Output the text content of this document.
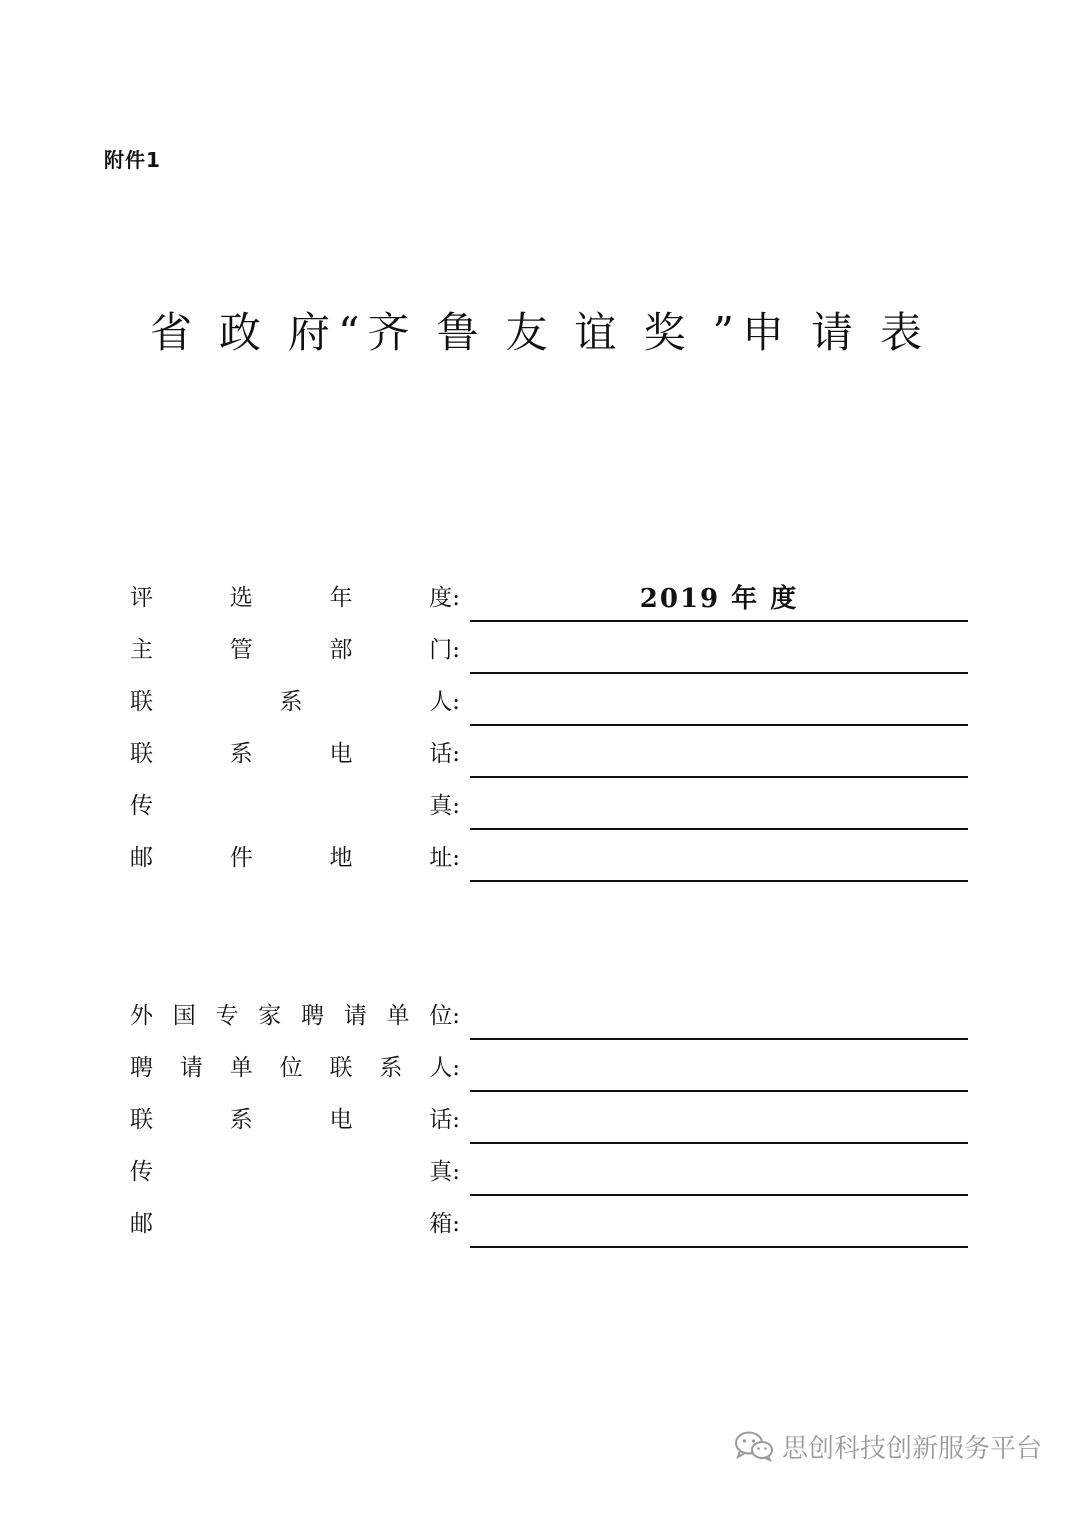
附件1
省 政 府“齐 鲁 友 谊 奖 ”申 请 表
评	选	年	度:	2019 年 度
主	管	部	门:
联	系	人:
联	系	电	话:
传	真:
邮	件	地	址:
外 国 专 家 聘 请 单 位:
聘 请 单 位 联 系 人:
联	系	电	话:
传	真:
邮	箱:
思创科技创新服务平台
